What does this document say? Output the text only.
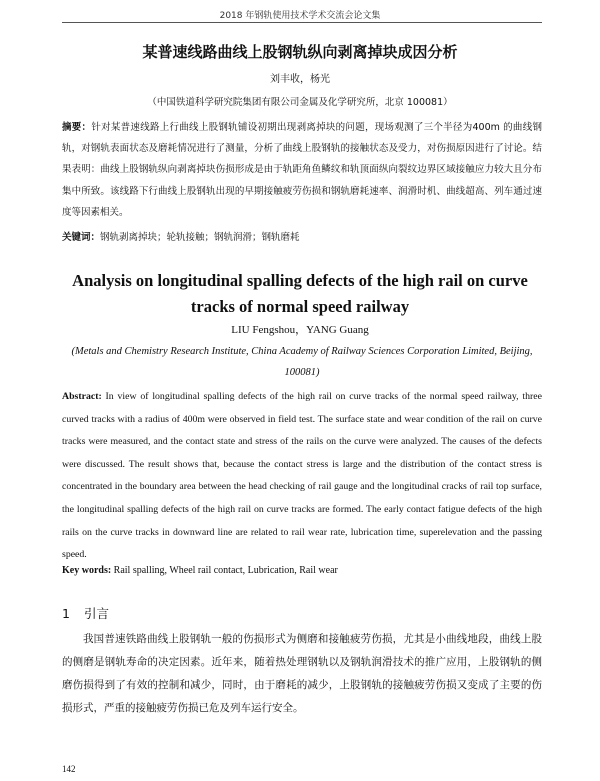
2018 年钢轨使用技术学术交流会论文集
某普速线路曲线上股钢轨纵向剥离掉块成因分析
刘丰收，杨光
（中国铁道科学研究院集团有限公司金属及化学研究所，北京 100081）
摘要：针对某普速线路上行曲线上股钢轨铺设初期出现剥离掉块的问题，现场观测了三个半径为400m 的曲线钢轨，对钢轨表面状态及磨耗情况进行了测量，分析了曲线上股钢轨的接触状态及受力，对伤损原因进行了讨论。结果表明：曲线上股钢轨纵向剥离掉块伤损形成是由于轨距角鱼鳞纹和轨顶面纵向裂纹边界区域接触应力较大且分布集中所致。该线路下行曲线上股钢轨出现的早期接触疲劳伤损和钢轨磨耗速率、润滑时机、曲线超高、列车通过速度等因素相关。
关键词：钢轨剥离掉块；轮轨接触；钢轨润滑；钢轨磨耗
Analysis on longitudinal spalling defects of the high rail on curve tracks of normal speed railway
LIU Fengshou，YANG Guang
(Metals and Chemistry Research Institute, China Academy of Railway Sciences Corporation Limited, Beijing, 100081)
Abstract: In view of longitudinal spalling defects of the high rail on curve tracks of the normal speed railway, three curved tracks with a radius of 400m were observed in field test. The surface state and wear condition of the rail on curve tracks were measured, and the contact state and stress of the rails on the curve were analyzed. The causes of the defects were discussed. The result shows that, because the contact stress is large and the distribution of the contact stress is concentrated in the boundary area between the head checking of rail gauge and the longitudinal cracks of rail top surface, the longitudinal spalling defects of the high rail on curve tracks are formed. The early contact fatigue defects of the high rails on the curve tracks in downward line are related to rail wear rate, lubrication time, superelevation and the passing speed.
Key words: Rail spalling, Wheel rail contact, Lubrication, Rail wear
1 引言
我国普速铁路曲线上股钢轨一般的伤损形式为侧磨和接触疲劳伤损，尤其是小曲线地段，曲线上股的侧磨是钢轨寿命的决定因素。近年来，随着热处理钢轨以及钢轨润滑技术的推广应用，上股钢轨的侧磨伤损得到了有效的控制和减少，同时，由于磨耗的减少，上股钢轨的接触疲劳伤损又变成了主要的伤损形式，严重的接触疲劳伤损已危及列车运行安全。
142
